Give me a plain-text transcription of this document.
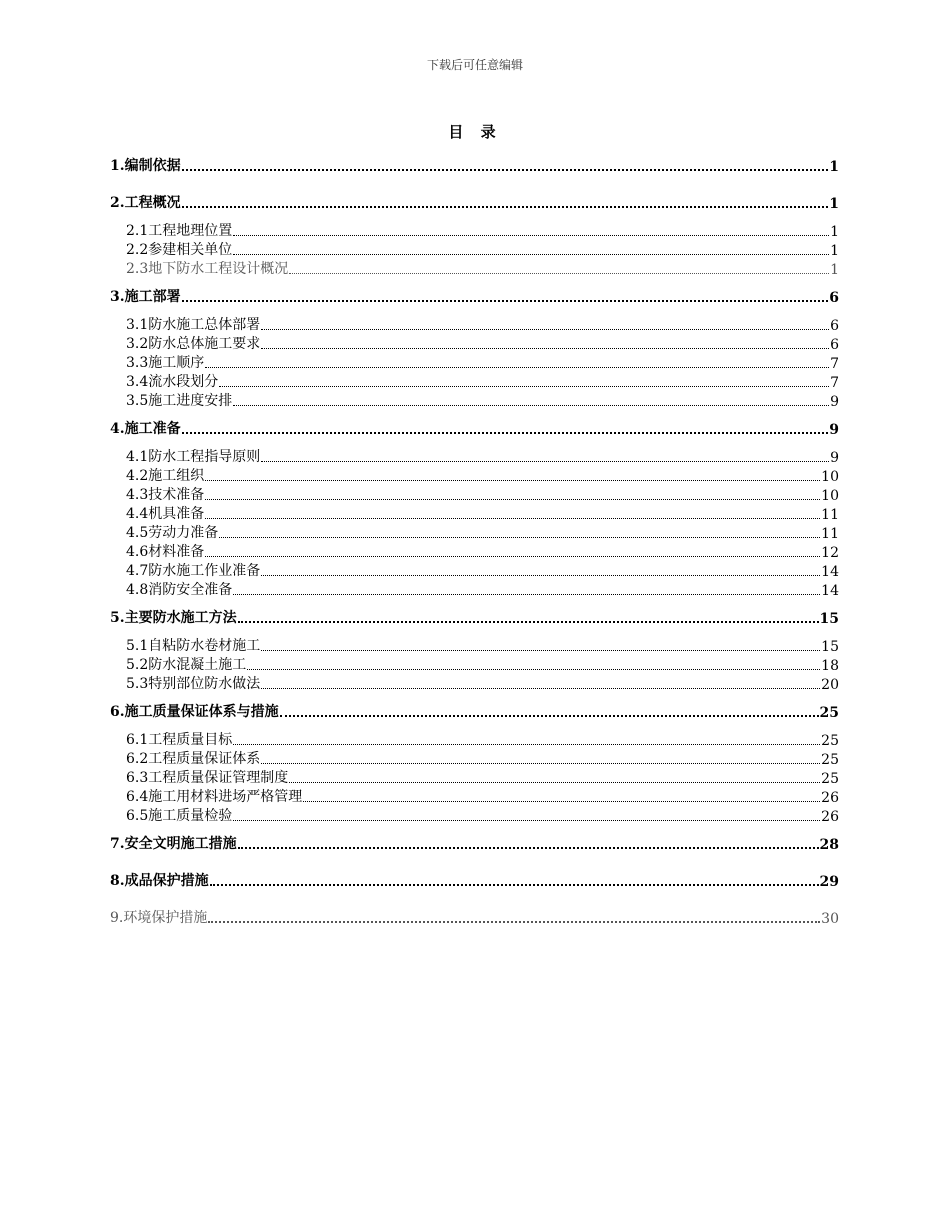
下载后可任意编辑
目 录
1.编制依据	1
2.工程概况	1
2.1工程地理位置	1
2.2参建相关单位	1
2.3地下防水工程设计概况	1
3.施工部署	6
3.1防水施工总体部署	6
3.2防水总体施工要求	6
3.3施工顺序	7
3.4流水段划分	7
3.5施工进度安排	9
4.施工准备	9
4.1防水工程指导原则	9
4.2施工组织	10
4.3技术准备	10
4.4机具准备	11
4.5劳动力准备	11
4.6材料准备	12
4.7防水施工作业准备	14
4.8消防安全准备	14
5.主要防水施工方法	15
5.1自粘防水卷材施工	15
5.2防水混凝土施工	18
5.3特别部位防水做法	20
6.施工质量保证体系与措施	25
6.1工程质量目标	25
6.2工程质量保证体系	25
6.3工程质量保证管理制度	25
6.4施工用材料进场严格管理	26
6.5施工质量检验	26
7.安全文明施工措施	28
8.成品保护措施	29
9.环境保护措施	30
